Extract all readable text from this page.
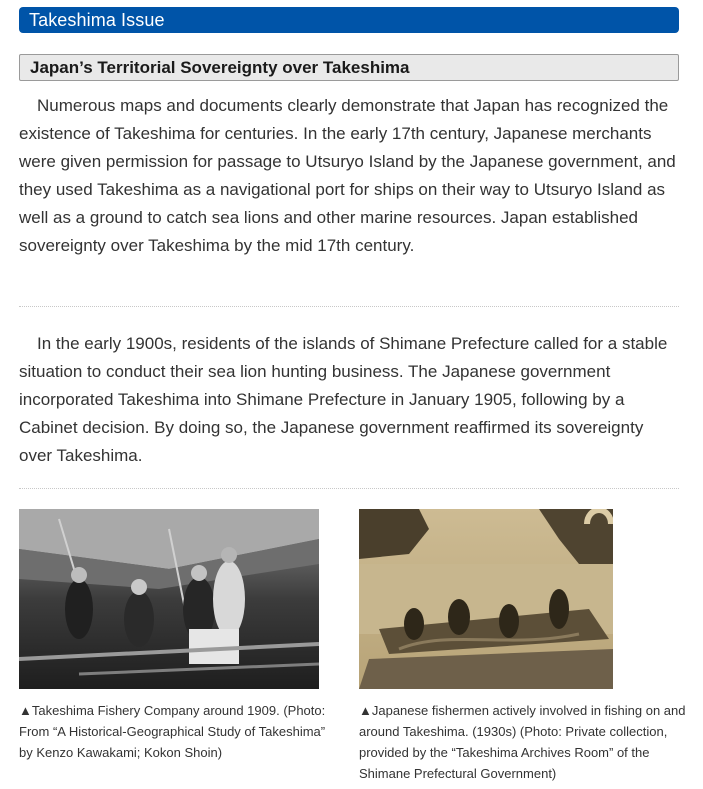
Takeshima Issue
Japan’s Territorial Sovereignty over Takeshima

Numerous maps and documents clearly demonstrate that Japan has recognized the existence of Takeshima for centuries. In the early 17th century, Japanese merchants were given permission for passage to Utsuryo Island by the Japanese government, and they used Takeshima as a navigational port for ships on their way to Utsuryo Island as well as a ground to catch sea lions and other marine resources. Japan established sovereignty over Takeshima by the mid 17th century.

In the early 1900s, residents of the islands of Shimane Prefecture called for a stable situation to conduct their sea lion hunting business. The Japanese government incorporated Takeshima into Shimane Prefecture in January 1905, following by a Cabinet decision. By doing so, the Japanese government reaffirmed its sovereignty over Takeshima.

▲Takeshima Fishery Company around 1909. (Photo: From “A Historical-Geographical Study of Takeshima” by Kenzo Kawakami; Kokon Shoin)

▲Japanese fishermen actively involved in fishing on and around Takeshima. (1930s) (Photo: Private collection, provided by the “Takeshima Archives Room” of the Shimane Prefectural Government)
